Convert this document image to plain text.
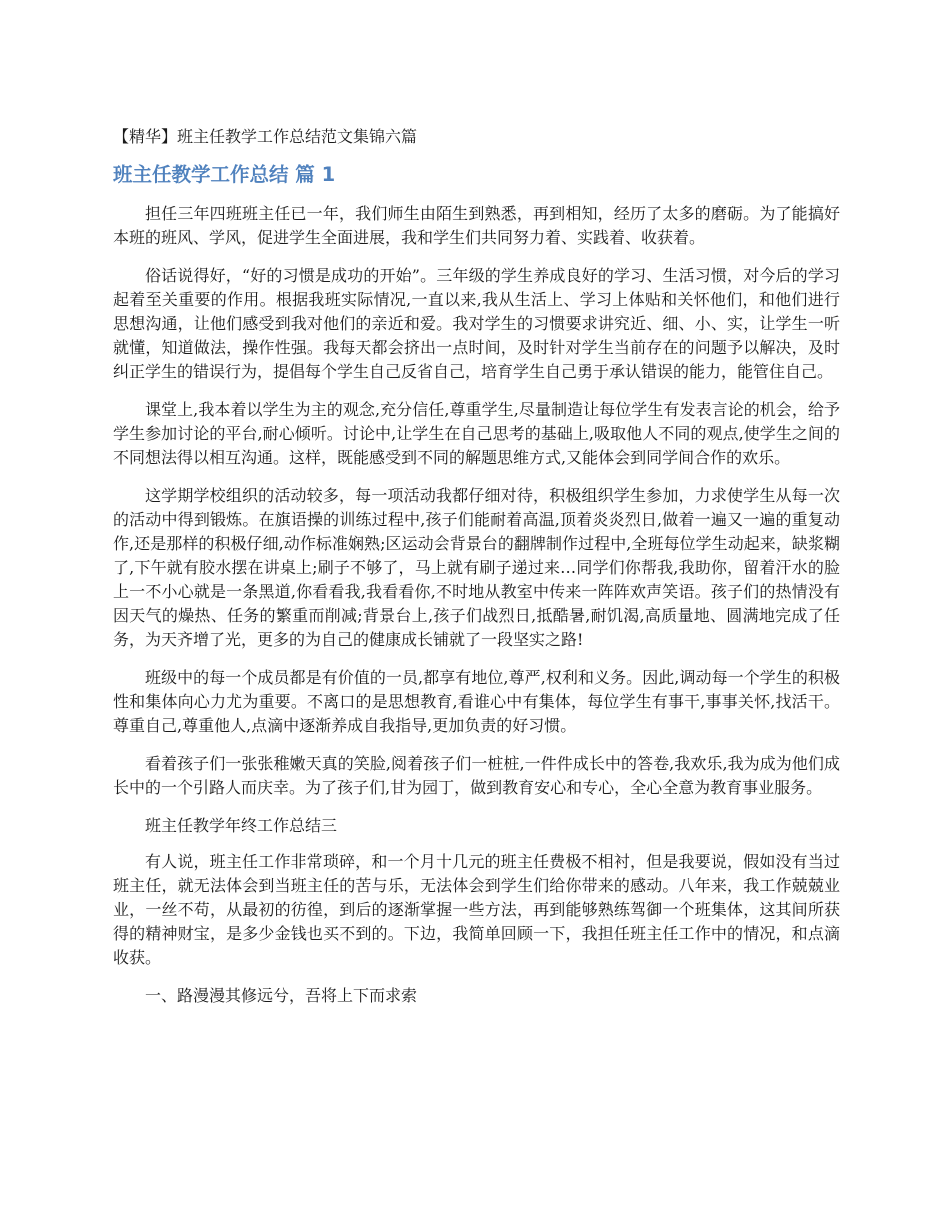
【精华】班主任教学工作总结范文集锦六篇
班主任教学工作总结 篇 1

担任三年四班班主任已一年，我们师生由陌生到熟悉，再到相知，经历了太多的磨砺。为了能搞好本班的班风、学风，促进学生全面进展，我和学生们共同努力着、实践着、收获着。

俗话说得好，“好的习惯是成功的开始”。三年级的学生养成良好的学习、生活习惯，对今后的学习起着至关重要的作用。根据我班实际情况,一直以来,我从生活上、学习上体贴和关怀他们，和他们进行思想沟通，让他们感受到我对他们的亲近和爱。我对学生的习惯要求讲究近、细、小、实，让学生一听就懂，知道做法，操作性强。我每天都会挤出一点时间，及时针对学生当前存在的问题予以解决，及时纠正学生的错误行为，提倡每个学生自己反省自己，培育学生自己勇于承认错误的能力，能管住自己。

课堂上,我本着以学生为主的观念,充分信任,尊重学生,尽量制造让每位学生有发表言论的机会，给予学生参加讨论的平台,耐心倾听。讨论中,让学生在自己思考的基础上,吸取他人不同的观点,使学生之间的不同想法得以相互沟通。这样，既能感受到不同的解题思维方式,又能体会到同学间合作的欢乐。

这学期学校组织的活动较多，每一项活动我都仔细对待，积极组织学生参加，力求使学生从每一次的活动中得到锻炼。在旗语操的训练过程中,孩子们能耐着高温,顶着炎炎烈日,做着一遍又一遍的重复动作,还是那样的积极仔细,动作标准娴熟;区运动会背景台的翻牌制作过程中,全班每位学生动起来，缺浆糊了,下午就有胶水摆在讲桌上;刷子不够了，马上就有刷子递过来…同学们你帮我,我助你，留着汗水的脸上一不小心就是一条黑道,你看看我,我看看你,不时地从教室中传来一阵阵欢声笑语。孩子们的热情没有因天气的燥热、任务的繁重而削减;背景台上,孩子们战烈日,抵酷暑,耐饥渴,高质量地、圆满地完成了任务，为天齐增了光，更多的为自己的健康成长铺就了一段坚实之路!

班级中的每一个成员都是有价值的一员,都享有地位,尊严,权利和义务。因此,调动每一个学生的积极性和集体向心力尤为重要。不离口的是思想教育,看谁心中有集体，每位学生有事干,事事关怀,找活干。尊重自己,尊重他人,点滴中逐渐养成自我指导,更加负责的好习惯。

看着孩子们一张张稚嫩天真的笑脸,阅着孩子们一桩桩,一件件成长中的答卷,我欢乐,我为成为他们成长中的一个引路人而庆幸。为了孩子们,甘为园丁，做到教育安心和专心，全心全意为教育事业服务。

班主任教学年终工作总结三

有人说，班主任工作非常琐碎，和一个月十几元的班主任费极不相衬，但是我要说，假如没有当过班主任，就无法体会到当班主任的苦与乐，无法体会到学生们给你带来的感动。八年来，我工作兢兢业业，一丝不苟，从最初的彷徨，到后的逐渐掌握一些方法，再到能够熟练驾御一个班集体，这其间所获得的精神财宝，是多少金钱也买不到的。下边，我简单回顾一下，我担任班主任工作中的情况，和点滴收获。

一、路漫漫其修远兮，吾将上下而求索
